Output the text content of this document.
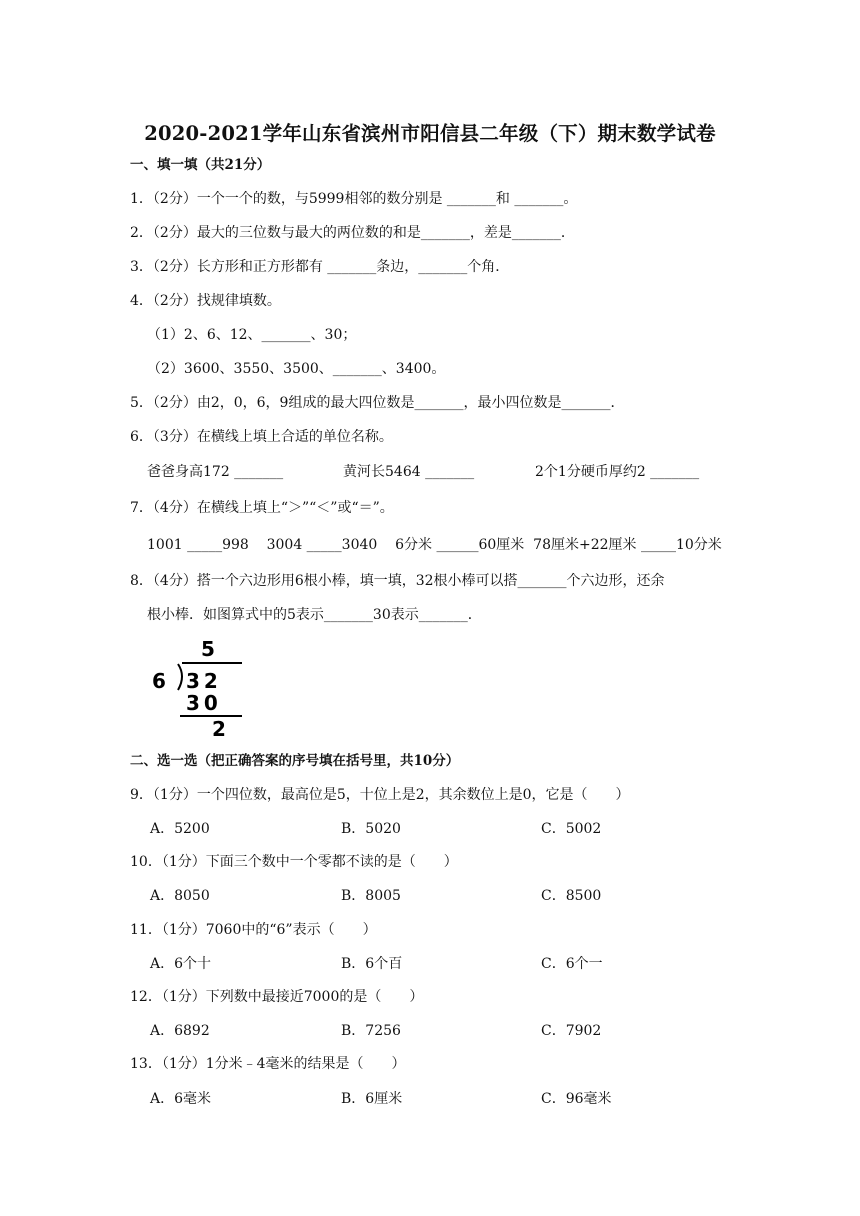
2020-2021学年山东省滨州市阳信县二年级（下）期末数学试卷
一、填一填（共21分）
1．（2分）一个一个的数，与5999相邻的数分别是 _______和 _______。
2．（2分）最大的三位数与最大的两位数的和是_______，差是_______．
3．（2分）长方形和正方形都有 _______条边，_______个角．
4．（2分）找规律填数。
（1）2、6、12、_______、30；
（2）3600、3550、3500、_______、3400。
5．（2分）由2，0，6，9组成的最大四位数是_______，最小四位数是_______．
6．（3分）在横线上填上合适的单位名称。
爸爸身高172 _______	黄河长5464 _______	2个1分硬币厚约2 _______
7．（4分）在横线上填上“＞”“＜”或“＝”。
1001 _____998    3004 _____3040    6分米 ______60厘米  78厘米+22厘米 _____10分米
8．（4分）搭一个六边形用6根小棒，填一填，32根小棒可以搭_______个六边形，还余
根小棒．如图算式中的5表示_______30表示_______．
5
6 32
30
2
二、选一选（把正确答案的序号填在括号里，共10分）
9．（1分）一个四位数，最高位是5，十位上是2，其余数位上是0，它是（　　）
A．5200	B．5020	C．5002
10．（1分）下面三个数中一个零都不读的是（　　）
A．8050	B．8005	C．8500
11．（1分）7060中的“6”表示（　　）
A．6个十	B．6个百	C．6个一
12．（1分）下列数中最接近7000的是（　　）
A．6892	B．7256	C．7902
13．（1分）1分米﹣4毫米的结果是（　　）
A．6毫米	B．6厘米	C．96毫米
